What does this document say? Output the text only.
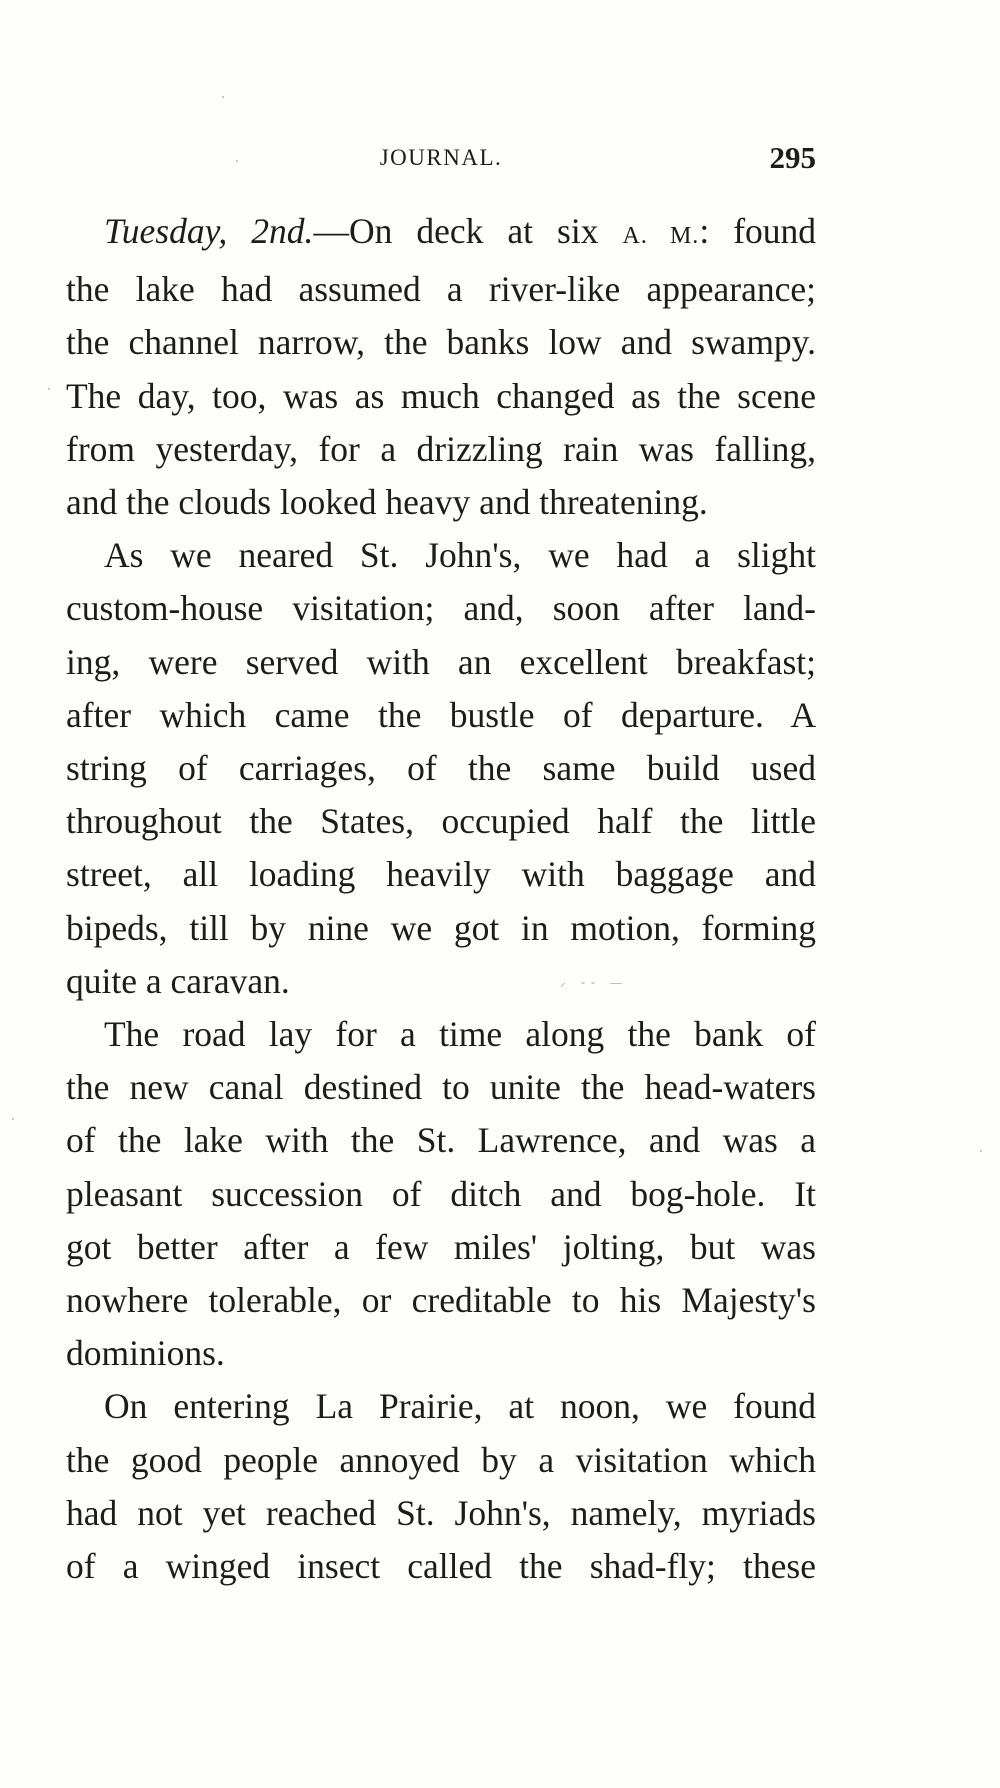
JOURNAL.	295
Tuesday, 2nd.—On deck at six A. M.: found
the lake had assumed a river-like appearance;
the channel narrow, the banks low and swampy.
The day, too, was as much changed as the scene
from yesterday, for a drizzling rain was falling,
and the clouds looked heavy and threatening.
As we neared St. John's, we had a slight
custom-house visitation; and, soon after land-
ing, were served with an excellent breakfast;
after which came the bustle of departure. A
string of carriages, of the same build used
throughout the States, occupied half the little
street, all loading heavily with baggage and
bipeds, till by nine we got in motion, forming
quite a caravan.
The road lay for a time along the bank of
the new canal destined to unite the head-waters
of the lake with the St. Lawrence, and was a
pleasant succession of ditch and bog-hole. It
got better after a few miles' jolting, but was
nowhere tolerable, or creditable to his Majesty's
dominions.
On entering La Prairie, at noon, we found
the good people annoyed by a visitation which
had not yet reached St. John's, namely, myriads
of a winged insect called the shad-fly; these
⸝ ‐‐ —
